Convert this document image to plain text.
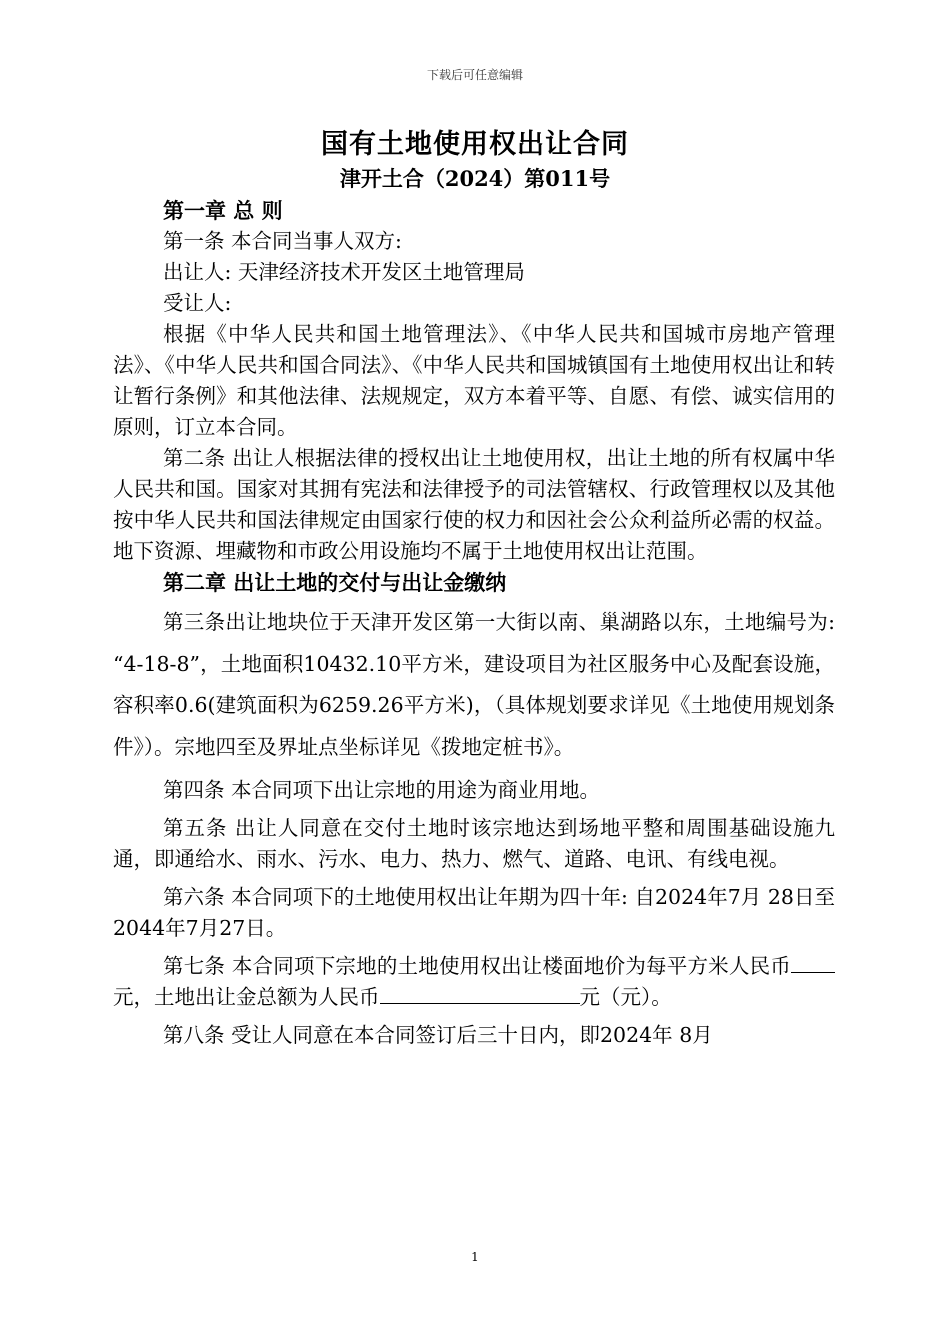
下载后可任意编辑
国有土地使用权出让合同
津开土合（2024）第011号

第一章 总 则

第一条 本合同当事人双方:

出让人: 天津经济技术开发区土地管理局

受让人:

根据《中华人民共和国土地管理法》、《中华人民共和国城市房地产管理法》、《中华人民共和国合同法》、《中华人民共和国城镇国有土地使用权出让和转让暂行条例》和其他法律、法规规定，双方本着平等、自愿、有偿、诚实信用的原则，订立本合同。

第二条 出让人根据法律的授权出让土地使用权，出让土地的所有权属中华人民共和国。国家对其拥有宪法和法律授予的司法管辖权、行政管理权以及其他按中华人民共和国法律规定由国家行使的权力和因社会公众利益所必需的权益。地下资源、埋藏物和市政公用设施均不属于土地使用权出让范围。

第二章 出让土地的交付与出让金缴纳

第三条出让地块位于天津开发区第一大街以南、巢湖路以东，土地编号为: “4-18-8”，土地面积10432.10平方米，建设项目为社区服务中心及配套设施，容积率0.6(建筑面积为6259.26平方米)，（具体规划要求详见《土地使用规划条件》）。宗地四至及界址点坐标详见《拨地定桩书》。

第四条 本合同项下出让宗地的用途为商业用地。

第五条 出让人同意在交付土地时该宗地达到场地平整和周围基础设施九通，即通给水、雨水、污水、电力、热力、燃气、道路、电讯、有线电视。

第六条 本合同项下的土地使用权出让年期为四十年: 自2024年7月 28日至2044年7月27日。

第七条 本合同项下宗地的土地使用权出让楼面地价为每平方米人民币元，土地出让金总额为人民币	元（元）。

第八条 受让人同意在本合同签订后三十日内，即2024年 8月

1
